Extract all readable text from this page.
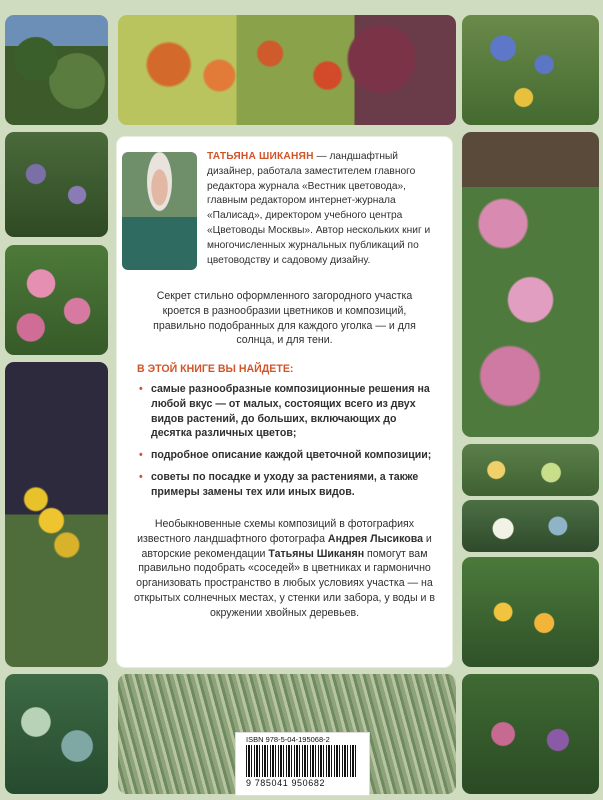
ТАТЬЯНА ШИКАНЯН — ландшафтный дизайнер, работала заместителем главного редактора журнала «Вестник цветовода», главным редактором интернет-журнала «Палисад», директором учебного центра «Цветоводы Москвы». Автор нескольких книг и многочисленных журнальных публикаций по цветоводству и садовому дизайну.
Секрет стильно оформленного загородного участка кроется в разнообразии цветников и композиций, правильно подобранных для каждого уголка — и для солнца, и для тени.
В ЭТОЙ КНИГЕ ВЫ НАЙДЕТЕ:
• самые разнообразные композиционные решения на любой вкус — от малых, состоящих всего из двух видов растений, до больших, включающих до десятка различных цветов;
• подробное описание каждой цветочной композиции;
• советы по посадке и уходу за растениями, а также примеры замены тех или иных видов.
Необыкновенные схемы композиций в фотографиях известного ландшафтного фотографа Андрея Лысикова и авторские рекомендации Татьяны Шиканян помогут вам правильно подобрать «соседей» в цветниках и гармонично организовать пространство в любых условиях участка — на открытых солнечных местах, у стенки или забора, у воды и в окружении хвойных деревьев.
ISBN 978-5-04-195068-2
9 785041 950682
